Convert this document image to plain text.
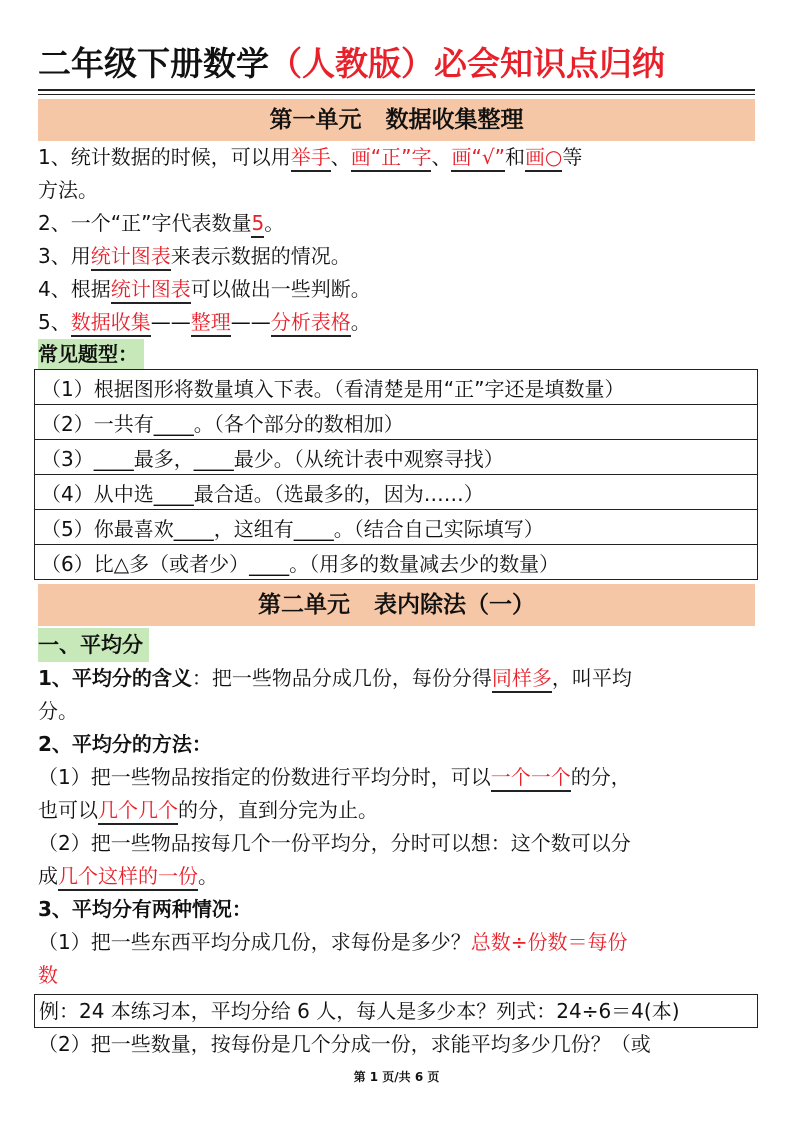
二年级下册数学（人教版）必会知识点归纳
第一单元 数据收集整理
1、统计数据的时候，可以用举手、画“正”字、画“√”和画○等
方法。
2、一个“正”字代表数量5。
3、用统计图表来表示数据的情况。
4、根据统计图表可以做出一些判断。
5、数据收集——整理——分析表格。
常见题型：
（1）根据图形将数量填入下表。（看清楚是用“正”字还是填数量）
（2）一共有____。（各个部分的数相加）
（3）____最多，____最少。（从统计表中观察寻找）
（4）从中选____最合适。（选最多的，因为……）
（5）你最喜欢____，这组有____。（结合自己实际填写）
（6）比△多（或者少）____。（用多的数量减去少的数量）
第二单元 表内除法（一）
一、平均分
1、平均分的含义：把一些物品分成几份，每份分得同样多，叫平均
分。
2、平均分的方法：
（1）把一些物品按指定的份数进行平均分时，可以一个一个的分，
也可以几个几个的分，直到分完为止。
（2）把一些物品按每几个一份平均分，分时可以想：这个数可以分
成几个这样的一份。
3、平均分有两种情况：
（1）把一些东西平均分成几份，求每份是多少？总数÷份数＝每份
数
例：24 本练习本，平均分给 6 人，每人是多少本？列式：24÷6＝4(本)
（2）把一些数量，按每份是几个分成一份，求能平均多少几份？（或
第 1 页/共 6 页
